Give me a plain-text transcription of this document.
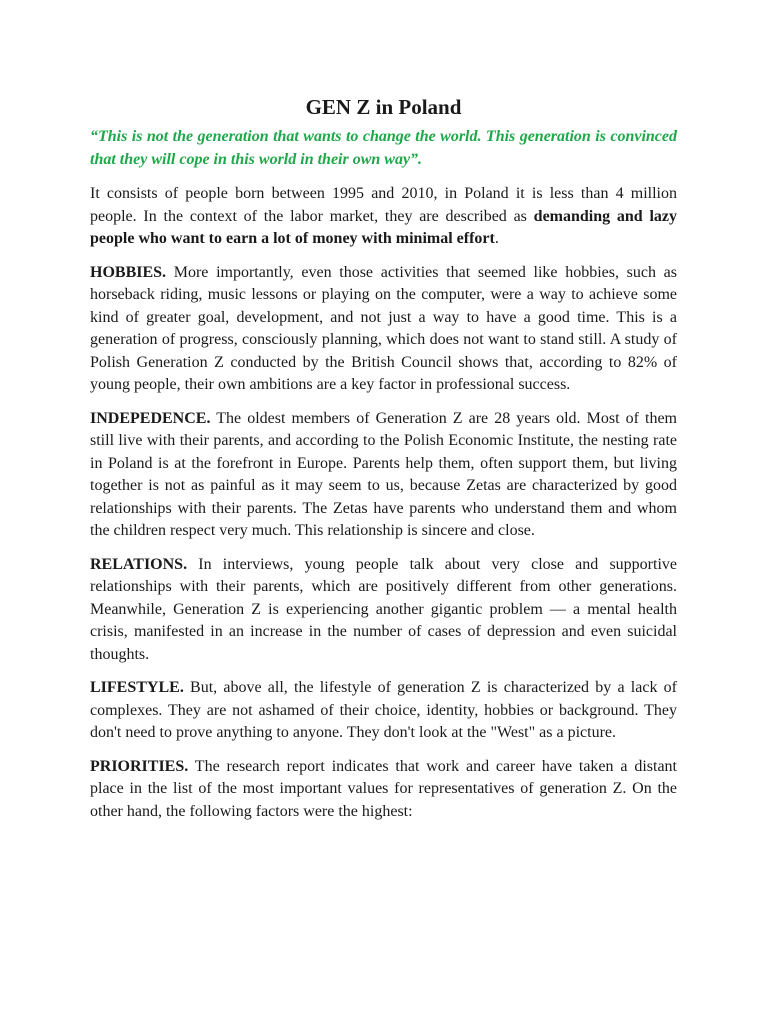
GEN Z in Poland

“This is not the generation that wants to change the world. This generation is convinced that they will cope in this world in their own way”.

It consists of people born between 1995 and 2010, in Poland it is less than 4 million people. In the context of the labor market, they are described as demanding and lazy people who want to earn a lot of money with minimal effort.

HOBBIES. More importantly, even those activities that seemed like hobbies, such as horseback riding, music lessons or playing on the computer, were a way to achieve some kind of greater goal, development, and not just a way to have a good time. This is a generation of progress, consciously planning, which does not want to stand still. A study of Polish Generation Z conducted by the British Council shows that, according to 82% of young people, their own ambitions are a key factor in professional success.

INDEPEDENCE. The oldest members of Generation Z are 28 years old. Most of them still live with their parents, and according to the Polish Economic Institute, the nesting rate in Poland is at the forefront in Europe. Parents help them, often support them, but living together is not as painful as it may seem to us, because Zetas are characterized by good relationships with their parents. The Zetas have parents who understand them and whom the children respect very much. This relationship is sincere and close.

RELATIONS. In interviews, young people talk about very close and supportive relationships with their parents, which are positively different from other generations. Meanwhile, Generation Z is experiencing another gigantic problem — a mental health crisis, manifested in an increase in the number of cases of depression and even suicidal thoughts.

LIFESTYLE. But, above all, the lifestyle of generation Z is characterized by a lack of complexes. They are not ashamed of their choice, identity, hobbies or background. They don't need to prove anything to anyone. They don't look at the "West" as a picture.

PRIORITIES. The research report indicates that work and career have taken a distant place in the list of the most important values for representatives of generation Z. On the other hand, the following factors were the highest:
